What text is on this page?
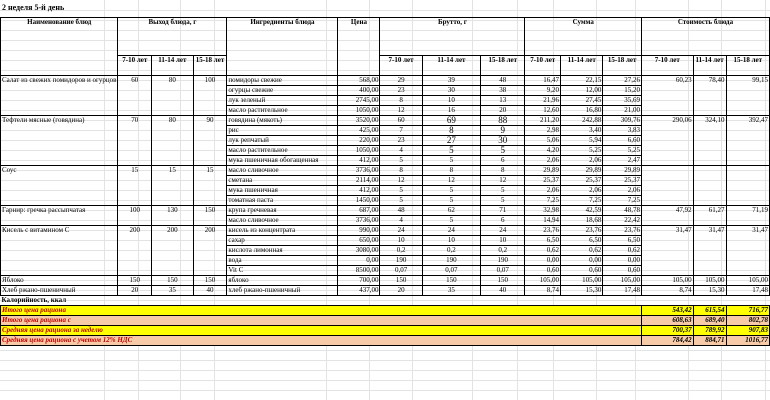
2 неделя 5-й день
Наименование блюд	Выход блюда, г			Ингредиенты блюда	Цена	Брутто, г			Сумма			Стоимость блюда		
	7-10 лет	11-14 лет	15-18 лет			7-10 лет	11-14 лет	15-18 лет	7-10 лет	11-14 лет	15-18 лет	7-10 лет	11-14 лет	15-18 лет
Салат из свежих помидоров и огурцов	60	80	100	помидоры свежие	568,00	29	39	48	16,47	22,15	27,26	60,23	78,40	99,15
				огурцы свежие	400,00	23	30	38	9,20	12,00	15,20			
				лук зеленый	2745,00	8	10	13	21,96	27,45	35,69			
				масло растительное	1050,00	12	16	20	12,60	16,80	21,00			
Тефтели мясные (говядина)	70	80	90	говядина (мякоть)	3520,00	60	69	88	211,20	242,88	309,76	290,06	324,10	392,47
				рис	425,00	7	8	9	2,98	3,40	3,83			
				лук репчатый	220,00	23	27	30	5,06	5,94	6,60			
				масло растительное	1050,00	4	5	5	4,20	5,25	5,25			
				мука пшеничная обогащенная	412,00	5	5	6	2,06	2,06	2,47			
Соус	15	15	15	масло сливочное	3736,00	8	8	8	29,89	29,89	29,89			
				сметана	2114,00	12	12	12	25,37	25,37	25,37			
				мука пшеничная	412,00	5	5	5	2,06	2,06	2,06			
				томатная паста	1450,00	5	5	5	7,25	7,25	7,25			
Гарнир: гречка рассыпчатая	100	130	150	крупа гречневая	687,00	48	62	71	32,98	42,59	48,78	47,92	61,27	71,19
				масло сливочное	3736,00	4	5	6	14,94	18,68	22,42			
Кисель с витамином С	200	200	200	кисель из концентрата	990,00	24	24	24	23,76	23,76	23,76	31,47	31,47	31,47
				сахар	650,00	10	10	10	6,50	6,50	6,50			
				кислота лимонная	3080,00	0,2	0,2	0,2	0,62	0,62	0,62			
				вода	0,00	190	190	190	0,00	0,00	0,00			
				Vit C	8500,00	0,07	0,07	0,07	0,60	0,60	0,60			
Яблоко	150	150	150	яблоко	700,00	150	150	150	105,00	105,00	105,00	105,00	105,00	105,00
Хлеб ржано-пшеничный	20	35	40	хлеб ржано-пшеничный	437,00	20	35	40	8,74	15,30	17,48	8,74	15,30	17,48
Калорийность, ккал														
Итого цена рациона												543,42	615,54	716,77
Итого цена рациона с												608,63	689,40	802,78
Средняя цена рациона за неделю												700,37	789,92	907,83
Средняя цена рациона с учетом 12% НДС												784,42	884,71	1016,77
